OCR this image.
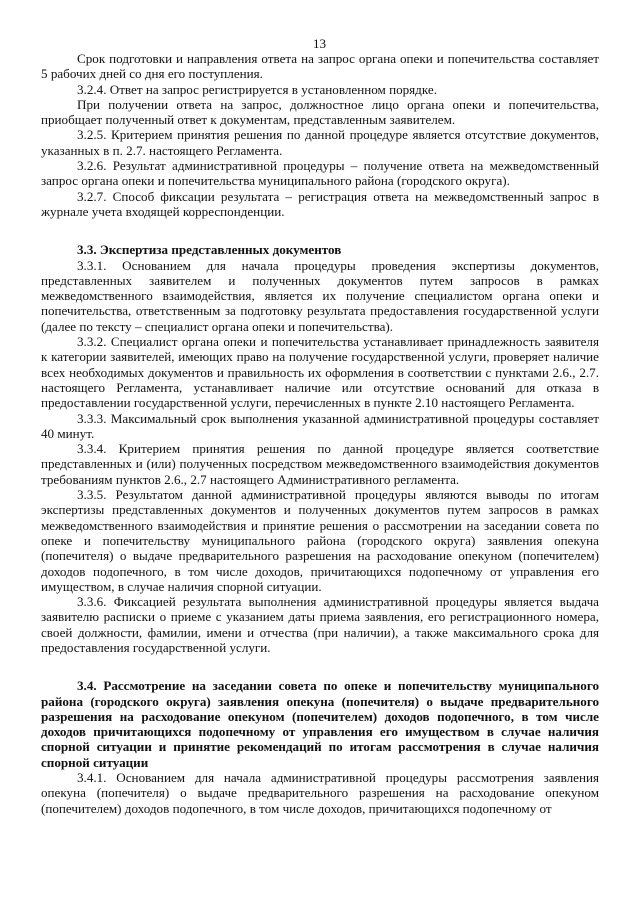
13

Срок подготовки и направления ответа на запрос органа опеки и попечительства составляет 5 рабочих дней со дня его поступления.

3.2.4. Ответ на запрос регистрируется в установленном порядке.

При получении ответа на запрос, должностное лицо органа опеки и попечительства, приобщает полученный ответ к документам, представленным заявителем.

3.2.5. Критерием принятия решения по данной процедуре является отсутствие документов, указанных в п. 2.7. настоящего Регламента.

3.2.6. Результат административной процедуры – получение ответа на межведомственный запрос органа опеки и попечительства муниципального района (городского округа).

3.2.7. Способ фиксации результата – регистрация ответа на межведомственный запрос в журнале учета входящей корреспонденции.

3.3. Экспертиза представленных документов

3.3.1. Основанием для начала процедуры проведения экспертизы документов, представленных заявителем и полученных документов путем запросов в рамках межведомственного взаимодействия, является их получение специалистом органа опеки и попечительства, ответственным за подготовку результата предоставления государственной услуги (далее по тексту – специалист органа опеки и попечительства).

3.3.2. Специалист органа опеки и попечительства устанавливает принадлежность заявителя к категории заявителей, имеющих право на получение государственной услуги, проверяет наличие всех необходимых документов и правильность их оформления в соответствии с пунктами 2.6., 2.7. настоящего Регламента, устанавливает наличие или отсутствие оснований для отказа в предоставлении государственной услуги, перечисленных в пункте 2.10 настоящего Регламента.

3.3.3. Максимальный срок выполнения указанной административной процедуры составляет 40 минут.

3.3.4. Критерием принятия решения по данной процедуре является соответствие представленных и (или) полученных посредством межведомственного взаимодействия документов требованиям пунктов 2.6., 2.7 настоящего Административного регламента.

3.3.5. Результатом данной административной процедуры являются выводы по итогам экспертизы представленных документов и полученных документов путем запросов в рамках межведомственного взаимодействия и принятие решения о рассмотрении на заседании совета по опеке и попечительству муниципального района (городского округа) заявления опекуна (попечителя) о выдаче предварительного разрешения на расходование опекуном (попечителем) доходов подопечного, в том числе доходов, причитающихся подопечному от управления его имуществом, в случае наличия спорной ситуации.

3.3.6. Фиксацией результата выполнения административной процедуры является выдача заявителю расписки о приеме с указанием даты приема заявления, его регистрационного номера, своей должности, фамилии, имени и отчества (при наличии), а также максимального срока для предоставления государственной услуги.

3.4. Рассмотрение на заседании совета по опеке и попечительству муниципального района (городского округа) заявления опекуна (попечителя) о выдаче предварительного разрешения на расходование опекуном (попечителем) доходов подопечного, в том числе доходов причитающихся подопечному от управления его имуществом в случае наличия спорной ситуации и принятие рекомендаций по итогам рассмотрения в случае наличия спорной ситуации

3.4.1. Основанием для начала административной процедуры рассмотрения заявления опекуна (попечителя) о выдаче предварительного разрешения на расходование опекуном (попечителем) доходов подопечного, в том числе доходов, причитающихся подопечному от
